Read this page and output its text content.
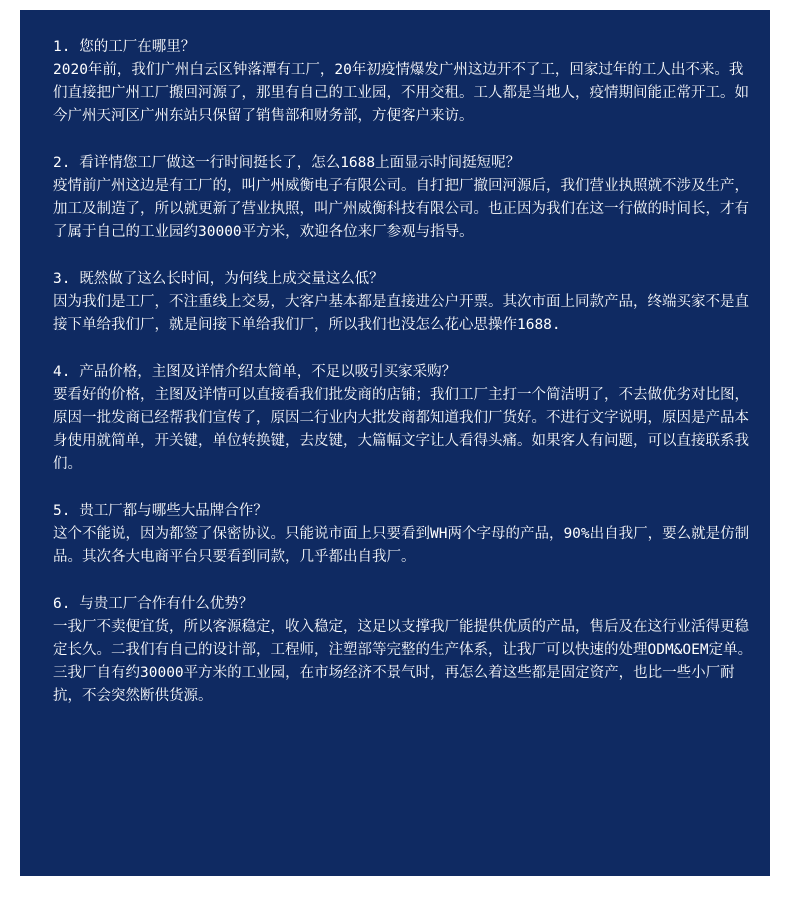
1. 您的工厂在哪里？

2020年前，我们广州白云区钟落潭有工厂，20年初疫情爆发广州这边开不了工，回家过年的工人出不来。我们直接把广州工厂搬回河源了，那里有自己的工业园，不用交租。工人都是当地人，疫情期间能正常开工。如今广州天河区广州东站只保留了销售部和财务部，方便客户来访。

2. 看详情您工厂做这一行时间挺长了，怎么1688上面显示时间挺短呢？

疫情前广州这边是有工厂的，叫广州威衡电子有限公司。自打把厂撤回河源后，我们营业执照就不涉及生产，加工及制造了，所以就更新了营业执照，叫广州威衡科技有限公司。也正因为我们在这一行做的时间长，才有了属于自己的工业园约30000平方米，欢迎各位来厂参观与指导。

3. 既然做了这么长时间，为何线上成交量这么低？

因为我们是工厂，不注重线上交易，大客户基本都是直接进公户开票。其次市面上同款产品，终端买家不是直接下单给我们厂，就是间接下单给我们厂，所以我们也没怎么花心思操作1688.

4. 产品价格，主图及详情介绍太简单，不足以吸引买家采购？

要看好的价格，主图及详情可以直接看我们批发商的店铺；我们工厂主打一个简洁明了，不去做优劣对比图，原因一批发商已经帮我们宣传了，原因二行业内大批发商都知道我们厂货好。不进行文字说明，原因是产品本身使用就简单，开关键，单位转换键，去皮键，大篇幅文字让人看得头痛。如果客人有问题，可以直接联系我们。

5. 贵工厂都与哪些大品牌合作？

这个不能说，因为都签了保密协议。只能说市面上只要看到WH两个字母的产品，90%出自我厂，要么就是仿制品。其次各大电商平台只要看到同款，几乎都出自我厂。

6. 与贵工厂合作有什么优势？

一我厂不卖便宜货，所以客源稳定，收入稳定，这足以支撑我厂能提供优质的产品，售后及在这行业活得更稳定长久。二我们有自己的设计部，工程师，注塑部等完整的生产体系，让我厂可以快速的处理ODM&OEM定单。三我厂自有约30000平方米的工业园，在市场经济不景气时，再怎么着这些都是固定资产，也比一些小厂耐抗，不会突然断供货源。
